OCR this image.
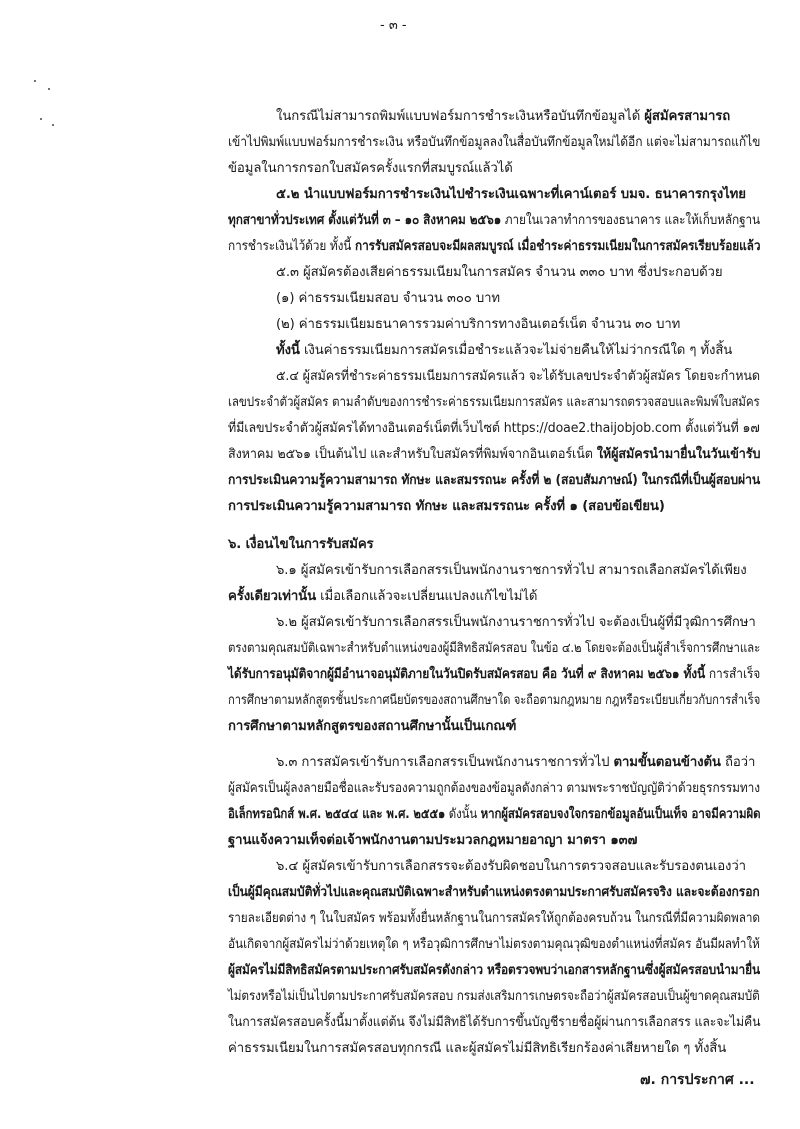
- ๓ -
ในกรณีไม่สามารถพิมพ์แบบฟอร์มการชำระเงินหรือบันทึกข้อมูลได้ ผู้สมัครสามารถ
เข้าไปพิมพ์แบบฟอร์มการชำระเงิน หรือบันทึกข้อมูลลงในสื่อบันทึกข้อมูลใหม่ได้อีก แต่จะไม่สามารถแก้ไข
ข้อมูลในการกรอกใบสมัครครั้งแรกที่สมบูรณ์แล้วได้
๕.๒ นำแบบฟอร์มการชำระเงินไปชำระเงินเฉพาะที่เคาน์เตอร์ บมจ. ธนาคารกรุงไทย
ทุกสาขาทั่วประเทศ ตั้งแต่วันที่ ๓ – ๑๐ สิงหาคม ๒๕๖๑ ภายในเวลาทำการของธนาคาร และให้เก็บหลักฐาน
การชำระเงินไว้ด้วย ทั้งนี้ การรับสมัครสอบจะมีผลสมบูรณ์ เมื่อชำระค่าธรรมเนียมในการสมัครเรียบร้อยแล้ว
๕.๓ ผู้สมัครต้องเสียค่าธรรมเนียมในการสมัคร จำนวน ๓๓๐ บาท ซึ่งประกอบด้วย
(๑) ค่าธรรมเนียมสอบ จำนวน ๓๐๐ บาท
(๒) ค่าธรรมเนียมธนาคารรวมค่าบริการทางอินเตอร์เน็ต จำนวน ๓๐ บาท
ทั้งนี้ เงินค่าธรรมเนียมการสมัครเมื่อชำระแล้วจะไม่จ่ายคืนให้ไม่ว่ากรณีใด ๆ ทั้งสิ้น
๕.๔ ผู้สมัครที่ชำระค่าธรรมเนียมการสมัครแล้ว จะได้รับเลขประจำตัวผู้สมัคร โดยจะกำหนด
เลขประจำตัวผู้สมัคร ตามลำดับของการชำระค่าธรรมเนียมการสมัคร และสามารถตรวจสอบและพิมพ์ใบสมัคร
ที่มีเลขประจำตัวผู้สมัครได้ทางอินเตอร์เน็ตที่เว็บไซต์ https://doae2.thaijobjob.com ตั้งแต่วันที่ ๑๗
สิงหาคม ๒๕๖๑ เป็นต้นไป และสำหรับใบสมัครที่พิมพ์จากอินเตอร์เน็ต ให้ผู้สมัครนำมายื่นในวันเข้ารับ
การประเมินความรู้ความสามารถ ทักษะ และสมรรถนะ ครั้งที่ ๒ (สอบสัมภาษณ์) ในกรณีที่เป็นผู้สอบผ่าน
การประเมินความรู้ความสามารถ ทักษะ และสมรรถนะ ครั้งที่ ๑ (สอบข้อเขียน)
๖. เงื่อนไขในการรับสมัคร
๖.๑ ผู้สมัครเข้ารับการเลือกสรรเป็นพนักงานราชการทั่วไป สามารถเลือกสมัครได้เพียง
ครั้งเดียวเท่านั้น เมื่อเลือกแล้วจะเปลี่ยนแปลงแก้ไขไม่ได้
๖.๒ ผู้สมัครเข้ารับการเลือกสรรเป็นพนักงานราชการทั่วไป จะต้องเป็นผู้ที่มีวุฒิการศึกษา
ตรงตามคุณสมบัติเฉพาะสำหรับตำแหน่งของผู้มีสิทธิสมัครสอบ ในข้อ ๔.๒ โดยจะต้องเป็นผู้สำเร็จการศึกษาและ
ได้รับการอนุมัติจากผู้มีอำนาจอนุมัติภายในวันปิดรับสมัครสอบ คือ วันที่ ๙ สิงหาคม ๒๕๖๑ ทั้งนี้ การสำเร็จ
การศึกษาตามหลักสูตรชั้นประกาศนียบัตรของสถานศึกษาใด จะถือตามกฎหมาย กฎหรือระเบียบเกี่ยวกับการสำเร็จ
การศึกษาตามหลักสูตรของสถานศึกษานั้นเป็นเกณฑ์
๖.๓ การสมัครเข้ารับการเลือกสรรเป็นพนักงานราชการทั่วไป ตามขั้นตอนข้างต้น ถือว่า
ผู้สมัครเป็นผู้ลงลายมือชื่อและรับรองความถูกต้องของข้อมูลดังกล่าว ตามพระราชบัญญัติว่าด้วยธุรกรรมทาง
อิเล็กทรอนิกส์ พ.ศ. ๒๕๔๔ และ พ.ศ. ๒๕๕๑ ดังนั้น หากผู้สมัครสอบจงใจกรอกข้อมูลอันเป็นเท็จ อาจมีความผิด
ฐานแจ้งความเท็จต่อเจ้าพนักงานตามประมวลกฎหมายอาญา มาตรา ๑๓๗
๖.๔ ผู้สมัครเข้ารับการเลือกสรรจะต้องรับผิดชอบในการตรวจสอบและรับรองตนเองว่า
เป็นผู้มีคุณสมบัติทั่วไปและคุณสมบัติเฉพาะสำหรับตำแหน่งตรงตามประกาศรับสมัครจริง และจะต้องกรอก
รายละเอียดต่าง ๆ ในใบสมัคร พร้อมทั้งยื่นหลักฐานในการสมัครให้ถูกต้องครบถ้วน ในกรณีที่มีความผิดพลาด
อันเกิดจากผู้สมัครไม่ว่าด้วยเหตุใด ๆ หรือวุฒิการศึกษาไม่ตรงตามคุณวุฒิของตำแหน่งที่สมัคร อันมีผลทำให้
ผู้สมัครไม่มีสิทธิสมัครตามประกาศรับสมัครดังกล่าว หรือตรวจพบว่าเอกสารหลักฐานซึ่งผู้สมัครสอบนำมายื่น
ไม่ตรงหรือไม่เป็นไปตามประกาศรับสมัครสอบ กรมส่งเสริมการเกษตรจะถือว่าผู้สมัครสอบเป็นผู้ขาดคุณสมบัติ
ในการสมัครสอบครั้งนี้มาตั้งแต่ต้น จึงไม่มีสิทธิได้รับการขึ้นบัญชีรายชื่อผู้ผ่านการเลือกสรร และจะไม่คืน
ค่าธรรมเนียมในการสมัครสอบทุกกรณี และผู้สมัครไม่มีสิทธิเรียกร้องค่าเสียหายใด ๆ ทั้งสิ้น
๗. การประกาศ ...
